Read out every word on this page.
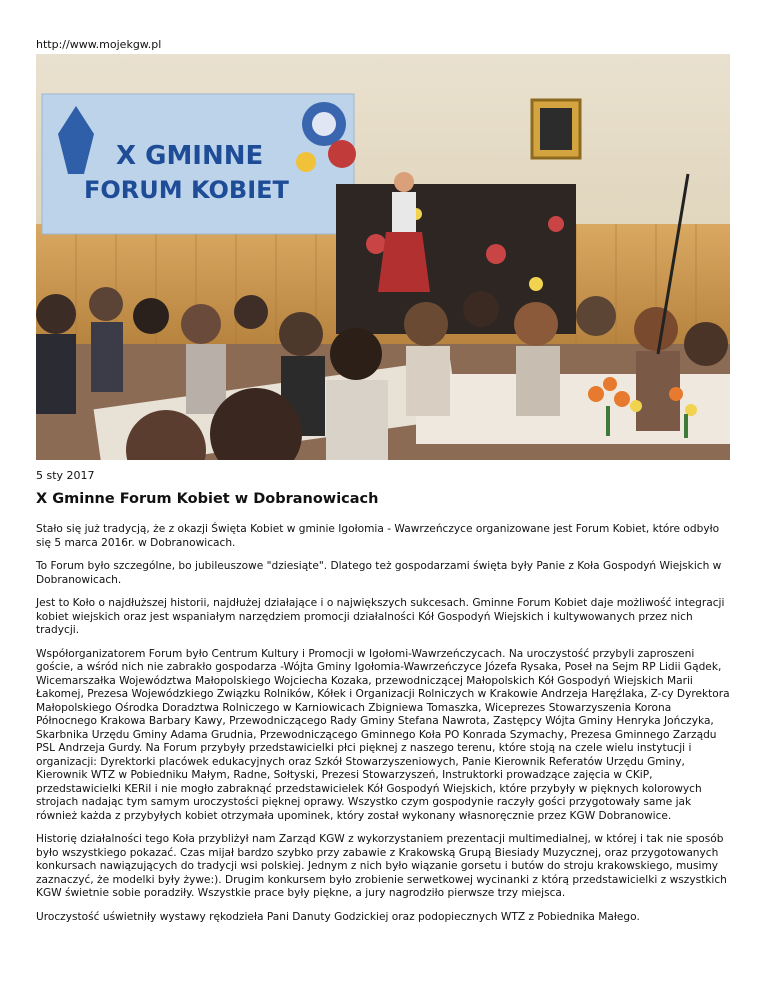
http://www.mojekgw.pl
X GMINNE
FORUM KOBIET
5 sty 2017
X Gminne Forum Kobiet w Dobranowicach

Stało się już tradycją, że z okazji Święta Kobiet w gminie Igołomia - Wawrzeńczyce organizowane jest Forum Kobiet, które odbyło się 5 marca 2016r. w Dobranowicach.

To Forum było szczególne, bo jubileuszowe "dziesiąte". Dlatego też gospodarzami święta były Panie z Koła Gospodyń Wiejskich w Dobranowicach.

Jest to Koło o najdłuższej historii, najdłużej działające i o największych sukcesach. Gminne Forum Kobiet daje możliwość integracji kobiet wiejskich oraz jest wspaniałym narzędziem promocji działalności Kół Gospodyń Wiejskich i kultywowanych przez nich tradycji.

Współorganizatorem Forum było Centrum Kultury i Promocji w Igołomi-Wawrzeńczycach. Na uroczystość przybyli zaproszeni goście, a wśród nich nie zabrakło gospodarza -Wójta Gminy Igołomia-Wawrzeńczyce Józefa Rysaka, Poseł na Sejm RP Lidii Gądek, Wicemarszałka Województwa Małopolskiego Wojciecha Kozaka, przewodniczącej Małopolskich Kół Gospodyń Wiejskich Marii Łakomej, Prezesa Wojewódzkiego Związku Rolników, Kółek i Organizacji Rolniczych w Krakowie Andrzeja Haręźlaka, Z-cy Dyrektora Małopolskiego Ośrodka Doradztwa Rolniczego w Karniowicach Zbigniewa Tomaszka, Wiceprezes Stowarzyszenia Korona Północnego Krakowa Barbary Kawy, Przewodniczącego Rady Gminy Stefana Nawrota, Zastępcy Wójta Gminy Henryka Jończyka, Skarbnika Urzędu Gminy Adama Grudnia, Przewodniczącego Gminnego Koła PO Konrada Szymachy, Prezesa Gminnego Zarządu PSL Andrzeja Gurdy. Na Forum przybyły przedstawicielki płci pięknej z naszego terenu, które stoją na czele wielu instytucji i organizacji: Dyrektorki placówek edukacyjnych oraz Szkół Stowarzyszeniowych, Panie Kierownik Referatów Urzędu Gminy, Kierownik WTZ w Pobiedniku Małym, Radne, Sołtyski, Prezesi Stowarzyszeń, Instruktorki prowadzące zajęcia w CKiP, przedstawicielki KERiI i nie mogło zabraknąć przedstawicielek Kół Gospodyń Wiejskich, które przybyły w pięknych kolorowych strojach nadając tym samym uroczystości pięknej oprawy. Wszystko czym gospodynie raczyły gości przygotowały same jak również każda z przybyłych kobiet otrzymała upominek, który został wykonany własnoręcznie przez KGW Dobranowice.

Historię działalności tego Koła przybliżył nam Zarząd KGW z wykorzystaniem prezentacji multimedialnej, w której i tak nie sposób było wszystkiego pokazać. Czas mijał bardzo szybko przy zabawie z Krakowską Grupą Biesiady Muzycznej, oraz przygotowanych konkursach nawiązujących do tradycji wsi polskiej. Jednym z nich było wiązanie gorsetu i butów do stroju krakowskiego, musimy zaznaczyć, że modelki były żywe:). Drugim konkursem było zrobienie serwetkowej wycinanki z którą przedstawicielki z wszystkich KGW świetnie sobie poradziły. Wszystkie prace były piękne, a jury nagrodziło pierwsze trzy miejsca.

Uroczystość uświetniły wystawy rękodzieła Pani Danuty Godzickiej oraz podopiecznych WTZ z Pobiednika Małego.
